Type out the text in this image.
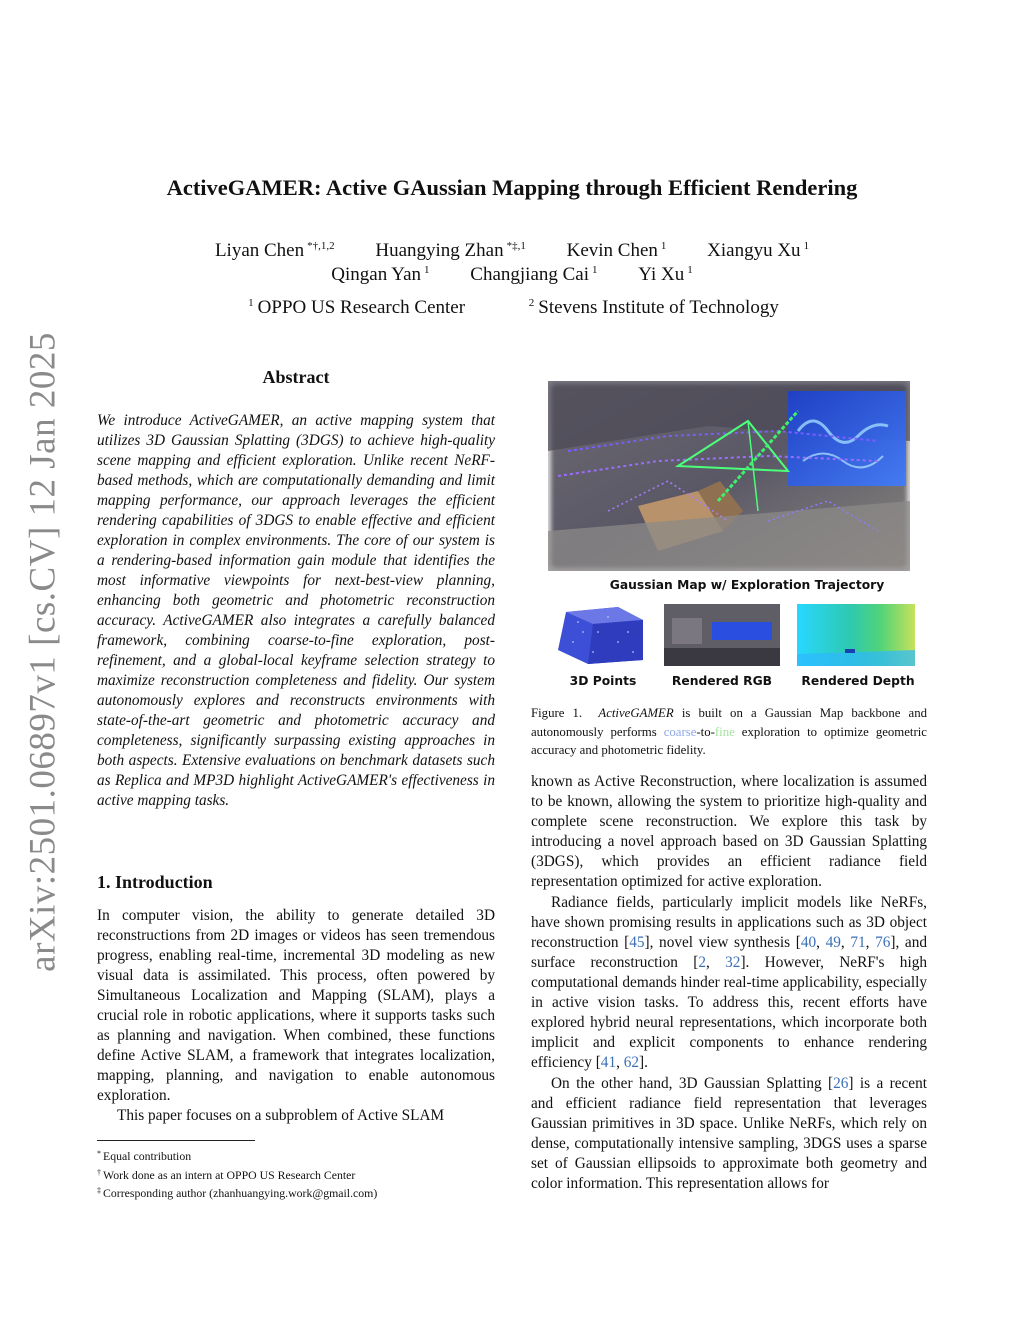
arXiv:2501.06897v1 [cs.CV] 12 Jan 2025
ActiveGAMER: Active GAussian Mapping through Efficient Rendering
Liyan Chen $^{*\dagger,1,2}$ Huangying Zhan $^{*\ddagger,1}$ Kevin Chen $^1$ Xiangyu Xu $^1$
Qingan Yan $^1$ Changjiang Cai $^1$ Yi Xu $^1$
$^1$ OPPO US Research Center	$^2$ Stevens Institute of Technology
Abstract
We introduce ActiveGAMER, an active mapping system that utilizes 3D Gaussian Splatting (3DGS) to achieve high-quality scene mapping and efficient exploration. Unlike recent NeRF-based methods, which are computationally demanding and limit mapping performance, our approach leverages the efficient rendering capabilities of 3DGS to enable effective and efficient exploration in complex environments. The core of our system is a rendering-based information gain module that identifies the most informative viewpoints for next-best-view planning, enhancing both geometric and photometric reconstruction accuracy. ActiveGAMER also integrates a carefully balanced framework, combining coarse-to-fine exploration, post-refinement, and a global-local keyframe selection strategy to maximize reconstruction completeness and fidelity. Our system autonomously explores and reconstructs environments with state-of-the-art geometric and photometric accuracy and completeness, significantly surpassing existing approaches in both aspects. Extensive evaluations on benchmark datasets such as Replica and MP3D highlight ActiveGAMER's effectiveness in active mapping tasks.
1. Introduction
In computer vision, the ability to generate detailed 3D reconstructions from 2D images or videos has seen tremendous progress, enabling real-time, incremental 3D modeling as new visual data is assimilated. This process, often powered by Simultaneous Localization and Mapping (SLAM), plays a crucial role in robotic applications, where it supports tasks such as planning and navigation. When combined, these functions define Active SLAM, a framework that integrates localization, mapping, planning, and navigation to enable autonomous exploration.
This paper focuses on a subproblem of Active SLAM
* Equal contribution
† Work done as an intern at OPPO US Research Center
‡ Corresponding author (zhanhuangying.work@gmail.com)
Gaussian Map w/ Exploration Trajectory
3D Points	Rendered RGB	Rendered Depth
Figure 1. ActiveGAMER is built on a Gaussian Map backbone and autonomously performs coarse-to-fine exploration to optimize geometric accuracy and photometric fidelity.
known as Active Reconstruction, where localization is assumed to be known, allowing the system to prioritize high-quality and complete scene reconstruction. We explore this task by introducing a novel approach based on 3D Gaussian Splatting (3DGS), which provides an efficient radiance field representation optimized for active exploration.
Radiance fields, particularly implicit models like NeRFs, have shown promising results in applications such as 3D object reconstruction [45], novel view synthesis [40, 49, 71, 76], and surface reconstruction [2, 32]. However, NeRF's high computational demands hinder real-time applicability, especially in active vision tasks. To address this, recent efforts have explored hybrid neural representations, which incorporate both implicit and explicit components to enhance rendering efficiency [41, 62].
On the other hand, 3D Gaussian Splatting [26] is a recent and efficient radiance field representation that leverages Gaussian primitives in 3D space. Unlike NeRFs, which rely on dense, computationally intensive sampling, 3DGS uses a sparse set of Gaussian ellipsoids to approximate both geometry and color information. This representation allows for
